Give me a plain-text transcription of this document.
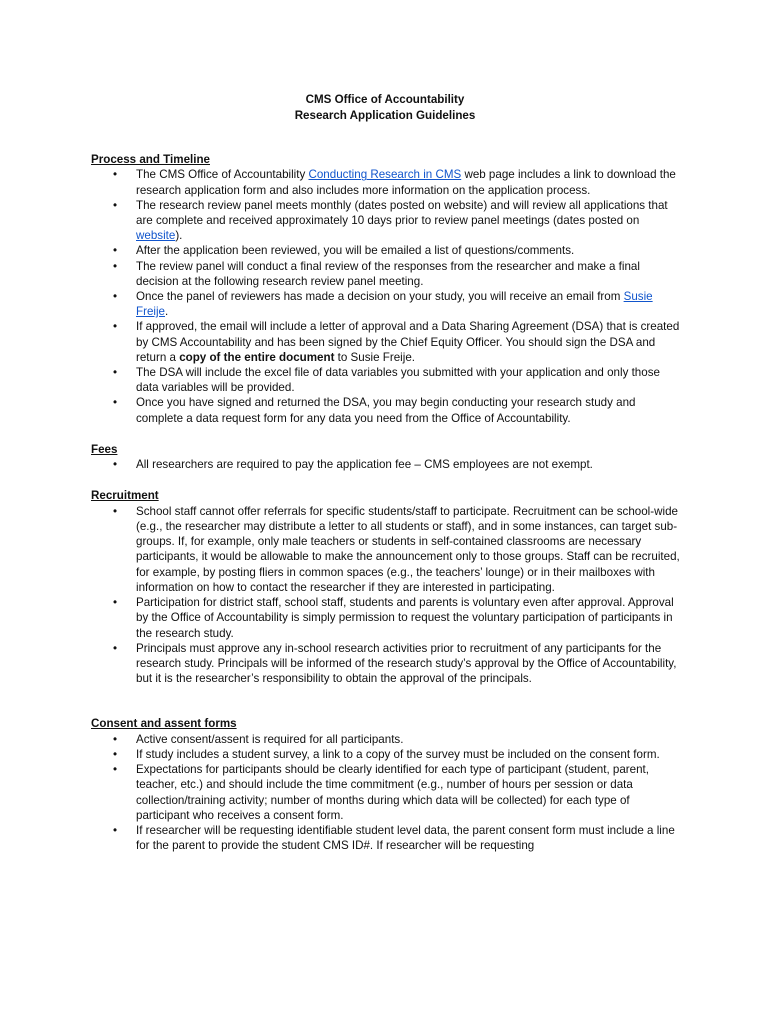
CMS Office of Accountability
Research Application Guidelines
Process and Timeline
• The CMS Office of Accountability Conducting Research in CMS web page includes a link to download the research application form and also includes more information on the application process.
• The research review panel meets monthly (dates posted on website) and will review all applications that are complete and received approximately 10 days prior to review panel meetings (dates posted on website).
• After the application been reviewed, you will be emailed a list of questions/comments.
• The review panel will conduct a final review of the responses from the researcher and make a final decision at the following research review panel meeting.
• Once the panel of reviewers has made a decision on your study, you will receive an email from Susie Freije.
• If approved, the email will include a letter of approval and a Data Sharing Agreement (DSA) that is created by CMS Accountability and has been signed by the Chief Equity Officer. You should sign the DSA and return a copy of the entire document to Susie Freije.
• The DSA will include the excel file of data variables you submitted with your application and only those data variables will be provided.
• Once you have signed and returned the DSA, you may begin conducting your research study and complete a data request form for any data you need from the Office of Accountability.
Fees
• All researchers are required to pay the application fee – CMS employees are not exempt.
Recruitment
• School staff cannot offer referrals for specific students/staff to participate. Recruitment can be school-wide (e.g., the researcher may distribute a letter to all students or staff), and in some instances, can target sub-groups. If, for example, only male teachers or students in self-contained classrooms are necessary participants, it would be allowable to make the announcement only to those groups. Staff can be recruited, for example, by posting fliers in common spaces (e.g., the teachers’ lounge) or in their mailboxes with information on how to contact the researcher if they are interested in participating.
• Participation for district staff, school staff, students and parents is voluntary even after approval. Approval by the Office of Accountability is simply permission to request the voluntary participation of participants in the research study.
• Principals must approve any in-school research activities prior to recruitment of any participants for the research study. Principals will be informed of the research study’s approval by the Office of Accountability, but it is the researcher’s responsibility to obtain the approval of the principals.
Consent and assent forms
• Active consent/assent is required for all participants.
• If study includes a student survey, a link to a copy of the survey must be included on the consent form.
• Expectations for participants should be clearly identified for each type of participant (student, parent, teacher, etc.) and should include the time commitment (e.g., number of hours per session or data collection/training activity; number of months during which data will be collected) for each type of participant who receives a consent form.
• If researcher will be requesting identifiable student level data, the parent consent form must include a line for the parent to provide the student CMS ID#. If researcher will be requesting
